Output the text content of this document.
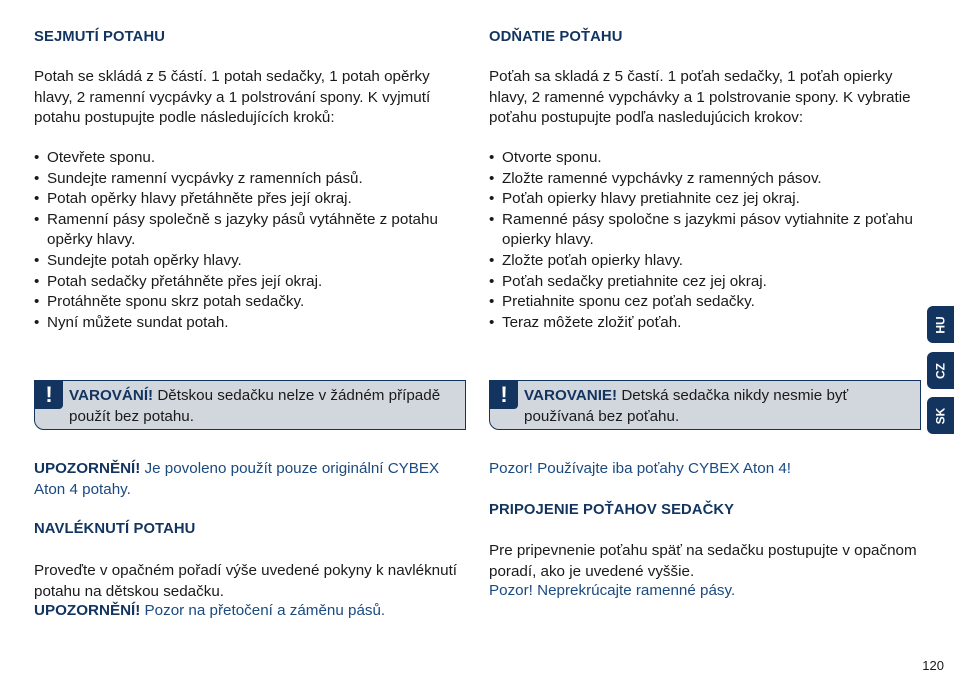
SEJMUTÍ POTAHU
Potah se skládá z 5 částí. 1 potah sedačky, 1 potah opěrky hlavy, 2 ramenní vycpávky a 1 polstrování spony. K vyjmutí potahu postupujte podle následujících kroků:
• Otevřete sponu.
• Sundejte ramenní vycpávky z ramenních pásů.
• Potah opěrky hlavy přetáhněte přes její okraj.
• Ramenní pásy společně s jazyky pásů vytáhněte z potahu opěrky hlavy.
• Sundejte potah opěrky hlavy.
• Potah sedačky přetáhněte přes její okraj.
• Protáhněte sponu skrz potah sedačky.
• Nyní můžete sundat potah.
!	VAROVÁNÍ! Dětskou sedačku nelze v žádném případě použít bez potahu.
UPOZORNĚNÍ! Je povoleno použít pouze originální CYBEX Aton 4 potahy.
NAVLÉKNUTÍ POTAHU
Proveďte v opačném pořadí výše uvedené pokyny k navléknutí potahu na dětskou sedačku.
UPOZORNĚNÍ! Pozor na přetočení a záměnu pásů.
ODŇATIE POŤAHU
Poťah sa skladá z 5 častí. 1 poťah sedačky, 1 poťah opierky hlavy, 2 ramenné vypchávky a 1 polstrovanie spony. K vybratie poťahu postupujte podľa nasledujúcich krokov:
• Otvorte sponu.
• Zložte ramenné vypchávky z ramenných pásov.
• Poťah opierky hlavy pretiahnite cez jej okraj.
• Ramenné pásy spoločne s jazykmi pásov vytiahnite z poťahu opierky hlavy.
• Zložte poťah opierky hlavy.
• Poťah sedačky pretiahnite cez jej okraj.
• Pretiahnite sponu cez poťah sedačky.
• Teraz môžete zložiť poťah.
!	VAROVANIE! Detská sedačka nikdy nesmie byť používaná bez poťahu.
Pozor! Používajte iba poťahy CYBEX Aton 4!
PRIPOJENIE POŤAHOV SEDAČKY
Pre pripevnenie poťahu späť na sedačku postupujte v opačnom poradí, ako je uvedené vyššie.
Pozor! Neprekrúcajte ramenné pásy.
HU
CZ
SK
120
